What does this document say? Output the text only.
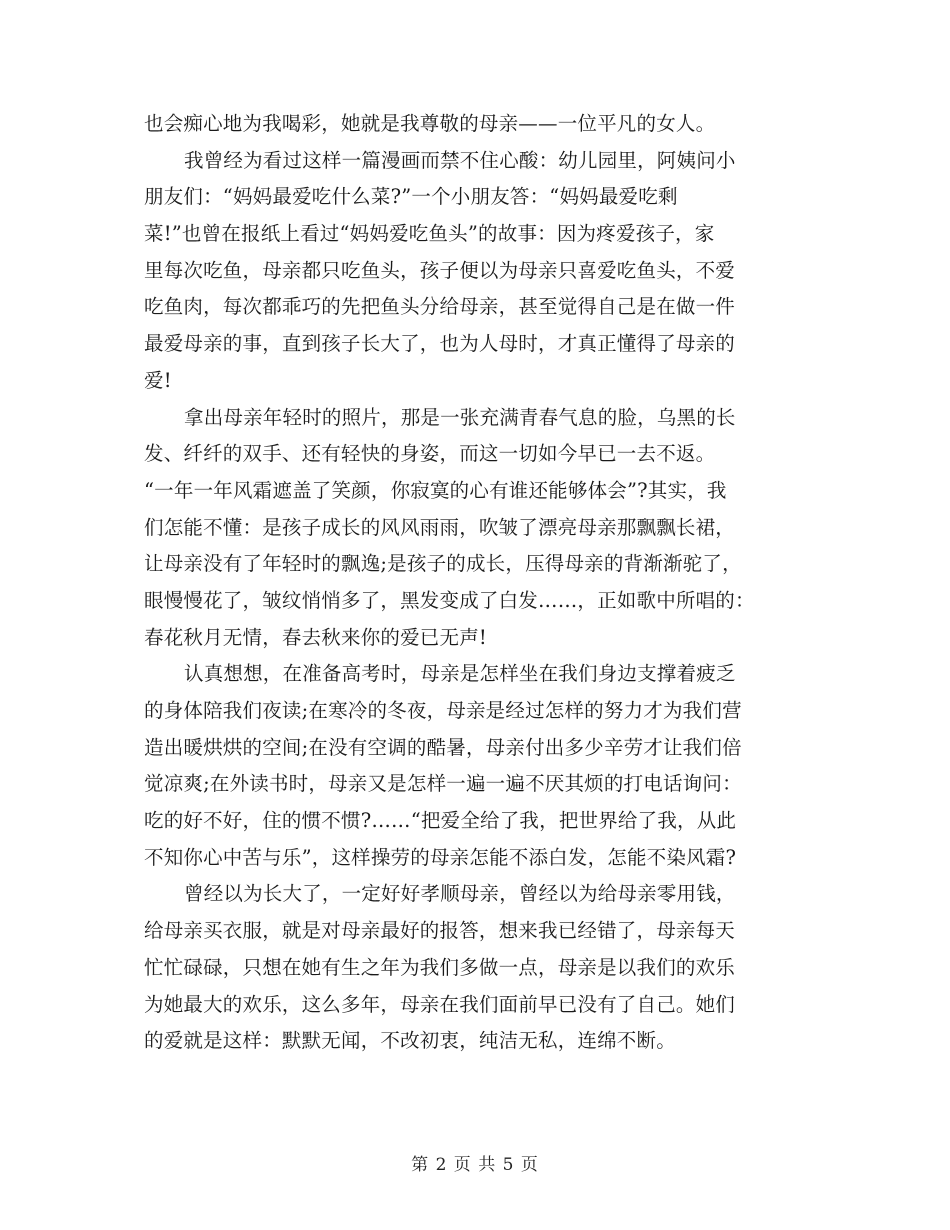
也会痴心地为我喝彩，她就是我尊敬的母亲——一位平凡的女人。
我曾经为看过这样一篇漫画而禁不住心酸：幼儿园里，阿姨问小
朋友们：“妈妈最爱吃什么菜?”一个小朋友答：“妈妈最爱吃剩
菜!”也曾在报纸上看过“妈妈爱吃鱼头”的故事：因为疼爱孩子，家
里每次吃鱼，母亲都只吃鱼头，孩子便以为母亲只喜爱吃鱼头，不爱
吃鱼肉，每次都乖巧的先把鱼头分给母亲，甚至觉得自己是在做一件
最爱母亲的事，直到孩子长大了，也为人母时，才真正懂得了母亲的
爱!
拿出母亲年轻时的照片，那是一张充满青春气息的脸，乌黑的长
发、纤纤的双手、还有轻快的身姿，而这一切如今早已一去不返。
“一年一年风霜遮盖了笑颜，你寂寞的心有谁还能够体会”?其实，我
们怎能不懂：是孩子成长的风风雨雨，吹皱了漂亮母亲那飘飘长裙，
让母亲没有了年轻时的飘逸;是孩子的成长，压得母亲的背渐渐驼了，
眼慢慢花了，皱纹悄悄多了，黑发变成了白发……，正如歌中所唱的：
春花秋月无情，春去秋来你的爱已无声!
认真想想，在准备高考时，母亲是怎样坐在我们身边支撑着疲乏
的身体陪我们夜读;在寒冷的冬夜，母亲是经过怎样的努力才为我们营
造出暖烘烘的空间;在没有空调的酷暑，母亲付出多少辛劳才让我们倍
觉凉爽;在外读书时，母亲又是怎样一遍一遍不厌其烦的打电话询问：
吃的好不好，住的惯不惯?……“把爱全给了我，把世界给了我，从此
不知你心中苦与乐”，这样操劳的母亲怎能不添白发，怎能不染风霜?
曾经以为长大了，一定好好孝顺母亲，曾经以为给母亲零用钱，
给母亲买衣服，就是对母亲最好的报答，想来我已经错了，母亲每天
忙忙碌碌，只想在她有生之年为我们多做一点，母亲是以我们的欢乐
为她最大的欢乐，这么多年，母亲在我们面前早已没有了自己。她们
的爱就是这样：默默无闻，不改初衷，纯洁无私，连绵不断。
第 2 页 共 5 页
